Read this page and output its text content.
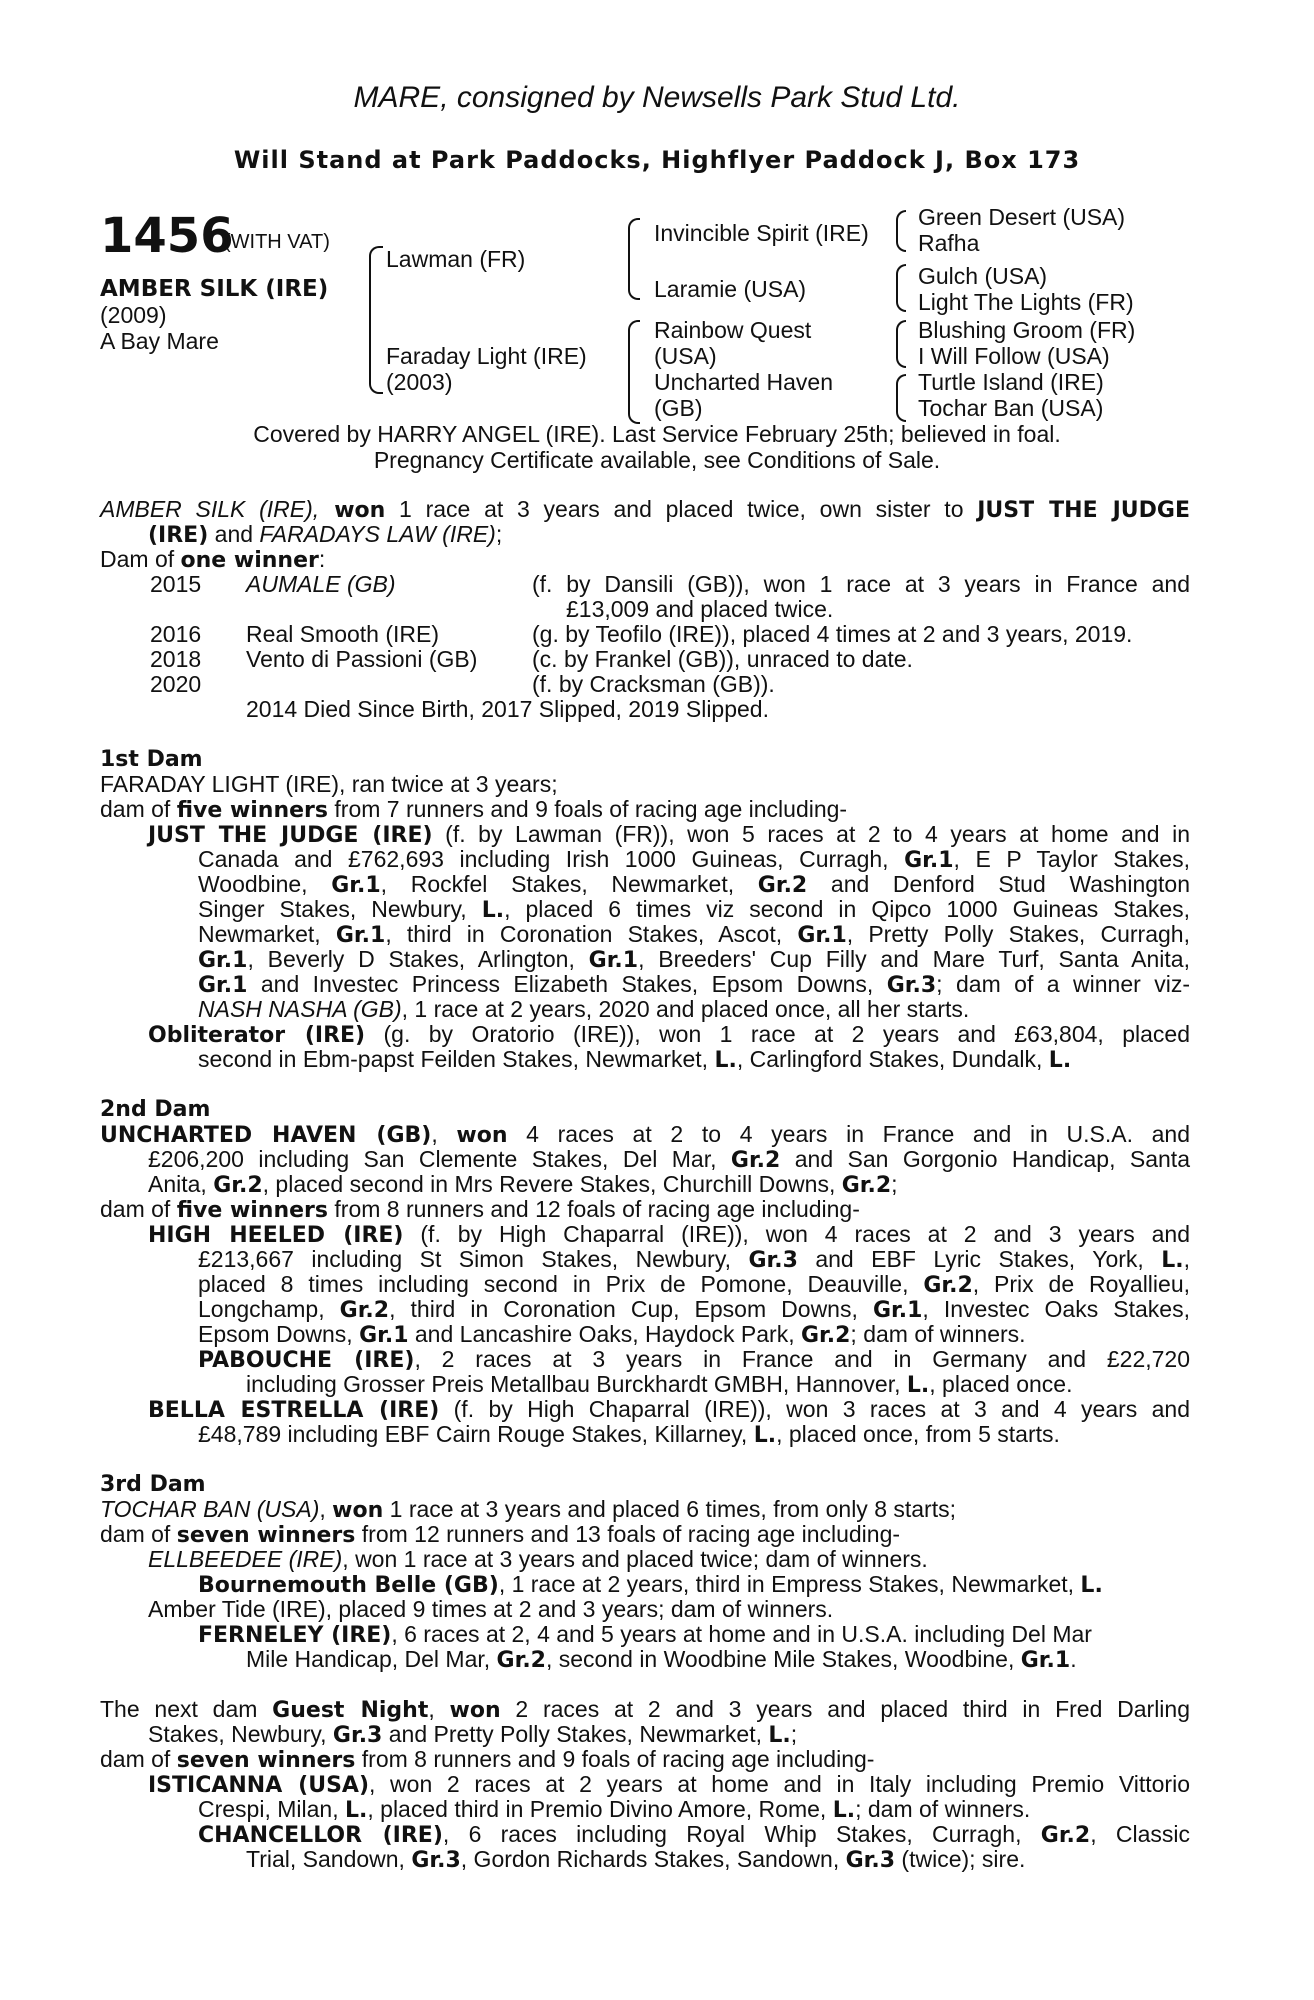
MARE, consigned by Newsells Park Stud Ltd.
Will Stand at Park Paddocks, Highflyer Paddock J, Box 173
1456
(WITH VAT)
AMBER SILK (IRE)
(2009)
A Bay Mare
Lawman (FR)
Faraday Light (IRE)
(2003)
Invincible Spirit (IRE)
Laramie (USA)
Rainbow Quest
(USA)
Uncharted Haven
(GB)
Green Desert (USA)
Rafha
Gulch (USA)
Light The Lights (FR)
Blushing Groom (FR)
I Will Follow (USA)
Turtle Island (IRE)
Tochar Ban (USA)
Covered by HARRY ANGEL (IRE). Last Service February 25th; believed in foal.
Pregnancy Certificate available, see Conditions of Sale.
AMBER SILK (IRE), won 1 race at 3 years and placed twice, own sister to JUST THE JUDGE
(IRE) and FARADAYS LAW (IRE);
Dam of one winner:
2015 AUMALE (GB)	(f. by Dansili (GB)), won 1 race at 3 years in France and
£13,009 and placed twice.
2016 Real Smooth (IRE)	(g. by Teofilo (IRE)), placed 4 times at 2 and 3 years, 2019.
2018 Vento di Passioni (GB) (c. by Frankel (GB)), unraced to date.
2020	(f. by Cracksman (GB)).
2014 Died Since Birth, 2017 Slipped, 2019 Slipped.
1st Dam
FARADAY LIGHT (IRE), ran twice at 3 years;
dam of five winners from 7 runners and 9 foals of racing age including-
JUST THE JUDGE (IRE) (f. by Lawman (FR)), won 5 races at 2 to 4 years at home and in
Canada and £762,693 including Irish 1000 Guineas, Curragh, Gr.1, E P Taylor Stakes,
Woodbine, Gr.1, Rockfel Stakes, Newmarket, Gr.2 and Denford Stud Washington
Singer Stakes, Newbury, L., placed 6 times viz second in Qipco 1000 Guineas Stakes,
Newmarket, Gr.1, third in Coronation Stakes, Ascot, Gr.1, Pretty Polly Stakes, Curragh,
Gr.1, Beverly D Stakes, Arlington, Gr.1, Breeders' Cup Filly and Mare Turf, Santa Anita,
Gr.1 and Investec Princess Elizabeth Stakes, Epsom Downs, Gr.3; dam of a winner viz-
NASH NASHA (GB), 1 race at 2 years, 2020 and placed once, all her starts.
Obliterator (IRE) (g. by Oratorio (IRE)), won 1 race at 2 years and £63,804, placed
second in Ebm-papst Feilden Stakes, Newmarket, L., Carlingford Stakes, Dundalk, L.
2nd Dam
UNCHARTED HAVEN (GB), won 4 races at 2 to 4 years in France and in U.S.A. and
£206,200 including San Clemente Stakes, Del Mar, Gr.2 and San Gorgonio Handicap, Santa
Anita, Gr.2, placed second in Mrs Revere Stakes, Churchill Downs, Gr.2;
dam of five winners from 8 runners and 12 foals of racing age including-
HIGH HEELED (IRE) (f. by High Chaparral (IRE)), won 4 races at 2 and 3 years and
£213,667 including St Simon Stakes, Newbury, Gr.3 and EBF Lyric Stakes, York, L.,
placed 8 times including second in Prix de Pomone, Deauville, Gr.2, Prix de Royallieu,
Longchamp, Gr.2, third in Coronation Cup, Epsom Downs, Gr.1, Investec Oaks Stakes,
Epsom Downs, Gr.1 and Lancashire Oaks, Haydock Park, Gr.2; dam of winners.
PABOUCHE (IRE), 2 races at 3 years in France and in Germany and £22,720
including Grosser Preis Metallbau Burckhardt GMBH, Hannover, L., placed once.
BELLA ESTRELLA (IRE) (f. by High Chaparral (IRE)), won 3 races at 3 and 4 years and
£48,789 including EBF Cairn Rouge Stakes, Killarney, L., placed once, from 5 starts.
3rd Dam
TOCHAR BAN (USA), won 1 race at 3 years and placed 6 times, from only 8 starts;
dam of seven winners from 12 runners and 13 foals of racing age including-
ELLBEEDEE (IRE), won 1 race at 3 years and placed twice; dam of winners.
Bournemouth Belle (GB), 1 race at 2 years, third in Empress Stakes, Newmarket, L.
Amber Tide (IRE), placed 9 times at 2 and 3 years; dam of winners.
FERNELEY (IRE), 6 races at 2, 4 and 5 years at home and in U.S.A. including Del Mar
Mile Handicap, Del Mar, Gr.2, second in Woodbine Mile Stakes, Woodbine, Gr.1.
The next dam Guest Night, won 2 races at 2 and 3 years and placed third in Fred Darling
Stakes, Newbury, Gr.3 and Pretty Polly Stakes, Newmarket, L.;
dam of seven winners from 8 runners and 9 foals of racing age including-
ISTICANNA (USA), won 2 races at 2 years at home and in Italy including Premio Vittorio
Crespi, Milan, L., placed third in Premio Divino Amore, Rome, L.; dam of winners.
CHANCELLOR (IRE), 6 races including Royal Whip Stakes, Curragh, Gr.2, Classic
Trial, Sandown, Gr.3, Gordon Richards Stakes, Sandown, Gr.3 (twice); sire.
